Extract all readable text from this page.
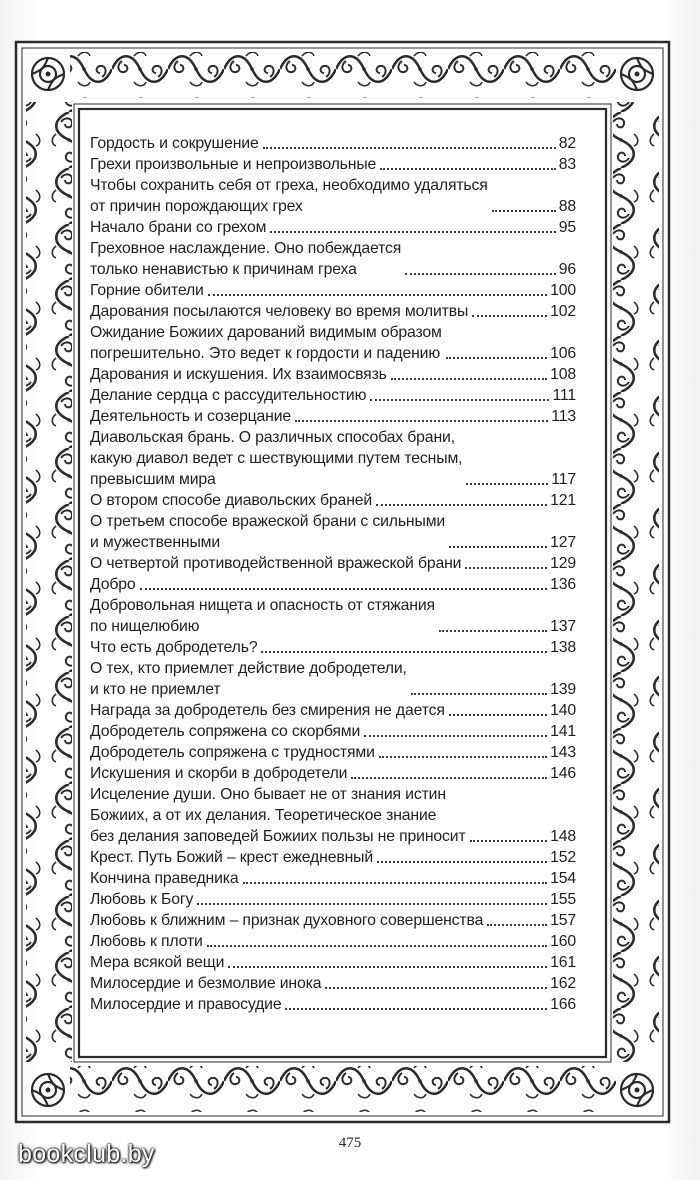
Гордость и сокрушение	82
Грехи произвольные и непроизвольные	83
Чтобы сохранить себя от греха, необходимо удаляться
от причин порождающих грех	88
Начало брани со грехом	95
Греховное наслаждение. Оно побеждается
только ненавистью к причинам греха	96
Горние обители	100
Дарования посылаются человеку во время молитвы	102
Ожидание Божиих дарований видимым образом
погрешительно. Это ведет к гордости и падению	106
Дарования и искушения. Их взаимосвязь	108
Делание сердца с рассудительностию	111
Деятельность и созерцание	113
Диавольская брань. О различных способах брани,
какую диавол ведет с шествующими путем тесным,
превысшим мира	117
О втором способе диавольских браней	121
О третьем способе вражеской брани с сильными
и мужественными	127
О четвертой противодейственной вражеской брани	129
Добро	136
Добровольная нищета и опасность от стяжания
по нищелюбию	137
Что есть добродетель?	138
О тех, кто приемлет действие добродетели,
и кто не приемлет	139
Награда за добродетель без смирения не дается	140
Добродетель сопряжена со скорбями	141
Добродетель сопряжена с трудностями	143
Искушения и скорби в добродетели	146
Исцеление души. Оно бывает не от знания истин
Божиих, а от их делания. Теоретическое знание
без делания заповедей Божиих пользы не приносит	148
Крест. Путь Божий – крест ежедневный	152
Кончина праведника	154
Любовь к Богу	155
Любовь к ближним – признак духовного совершенства	157
Любовь к плоти	160
Мера всякой вещи	161
Милосердие и безмолвие инока	162
Милосердие и правосудие	166
475
bookclub.by
